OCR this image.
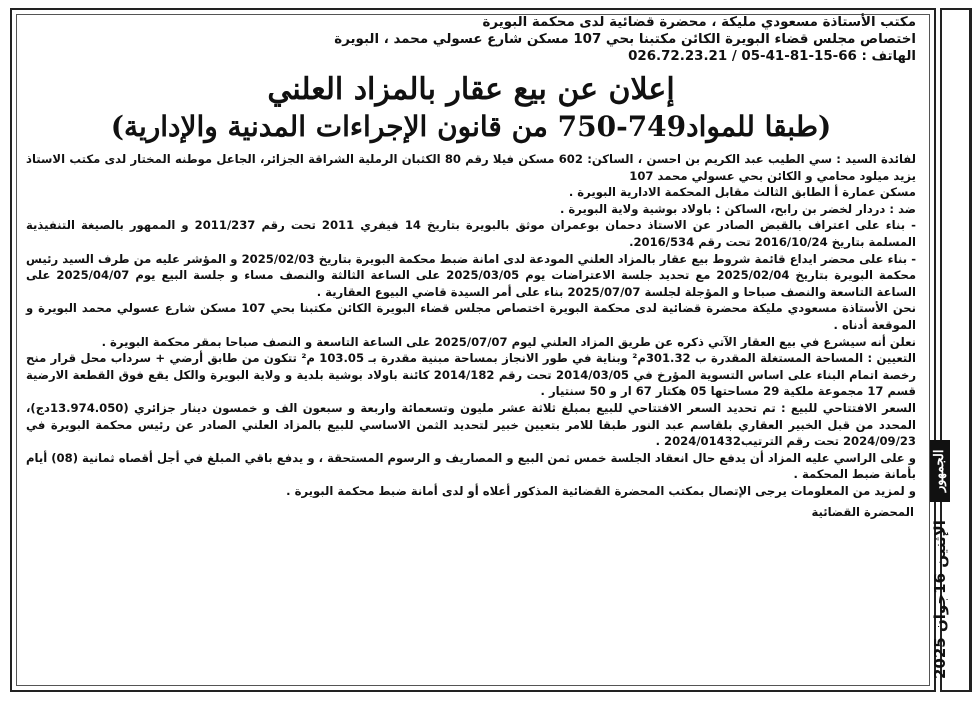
الجمهور
الإثنين 16جوان 2025
مكتب الأستاذة مسعودي مليكة ، محضرة قضائية لدى محكمة البويرة
اختصاص مجلس قضاء البويرة الكائن مكتبنا بحي 107 مسكن شارع عسولي محمد ، البويرة
الهاتف : 66-15-81-41-05 / 026.72.23.21
إعلان عن بيع عقار بالمزاد العلني
(طبقا للمواد749-750 من قانون الإجراءات المدنية والإدارية)

لفائدة السيد : سي الطيب عبد الكريم بن احسن ، الساكن: 602 مسكن فيلا رقم 80 الكثبان الرملية الشراقة الجزائر، الجاعل موطنه المختار لدى مكتب الاستاذ يزيد ميلود محامي و الكائن بحي عسولي محمد 107

مسكن عمارة أ الطابق الثالث مقابل المحكمة الادارية البويرة .

ضد : دردار لخضر بن رابح، الساكن : باولاد بوشية ولاية البويرة .

- بناء على اعتراف بالقبض الصادر عن الاستاذ دحمان بوعمران موثق بالبويرة بتاريخ 14 فيفري 2011 تحت رقم 2011/237 و الممهور بالصيغة التنفيذية المسلمة بتاريخ 2016/10/24 تحت رقم 2016/534.

- بناء على محضر ايداع قائمة شروط بيع عقار بالمزاد العلني المودعة لدى امانة ضبط محكمة البويرة بتاريخ 2025/02/03 و المؤشر عليه من طرف السيد رئيس محكمة البويرة بتاريخ 2025/02/04 مع تحديد جلسة الاعتراضات يوم 2025/03/05 على الساعة الثالثة والنصف مساء و جلسة البيع يوم 2025/04/07 على الساعة التاسعة والنصف صباحا و المؤجلة لجلسة 2025/07/07 بناء على أمر السيدة قاضي البيوع العقارية .

نحن الأستاذة مسعودي مليكة محضرة قضائية لدى محكمة البويرة اختصاص مجلس قضاء البويرة الكائن مكتبنا بحي 107 مسكن شارع عسولي محمد البويرة و الموقعة أدناه .

نعلن أنه سيشرع في بيع العقار الآتي ذكره عن طريق المزاد العلني ليوم 2025/07/07 على الساعة التاسعة و النصف صباحا بمقر محكمة البويرة .

التعيين : المساحة المستغلة المقدرة ب 301.32م² وبناية في طور الانجاز بمساحة مبنية مقدرة بـ 103.05 م² تتكون من طابق أرضي + سرداب محل قرار منح رخصة اتمام البناء على اساس التسوية المؤرخ في 2014/03/05 تحت رقم 2014/182 كائنة باولاد بوشية بلدية و ولاية البويرة والكل يقع فوق القطعة الارضية قسم 17 مجموعة ملكية 29 مساحتها 05 هكتار 67 ار و 50 سنتيار .

السعر الافتتاحي للبيع : تم تحديد السعر الافتتاحي للبيع بمبلغ ثلاثة عشر مليون وتسعمائة واربعة و سبعون الف و خمسون دينار جزائري (13.974.050دج)، المحدد من قبل الخبير العقاري بلقاسم عبد النور طبقا للامر بتعيين خبير لتحديد الثمن الاساسي للبيع بالمزاد العلني الصادر عن رئيس محكمة البويرة في 2024/09/23 تحت رقم الترتيب2024/01432 .

و على الراسي عليه المزاد أن يدفع حال انعقاد الجلسة خمس ثمن البيع و المصاريف و الرسوم المستحقة ، و يدفع باقي المبلغ في أجل أقصاه ثمانية (08) أيام بأمانة ضبط المحكمة .

و لمزيد من المعلومات يرجى الإتصال بمكتب المحضرة القضائية المذكور أعلاه أو لدى أمانة ضبط محكمة البويرة .

المحضرة القضائية
